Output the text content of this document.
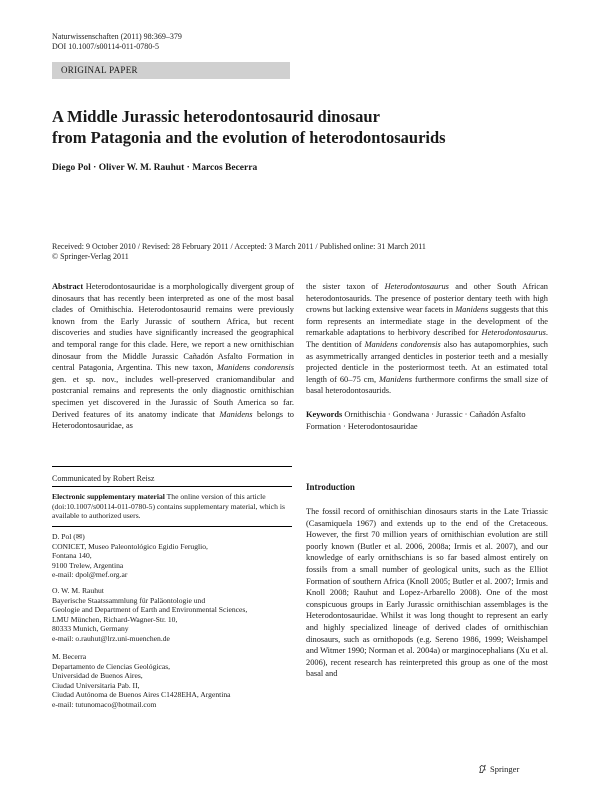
Naturwissenschaften (2011) 98:369–379
DOI 10.1007/s00114-011-0780-5
ORIGINAL PAPER
A Middle Jurassic heterodontosaurid dinosaur
from Patagonia and the evolution of heterodontosaurids
Diego Pol · Oliver W. M. Rauhut · Marcos Becerra
Received: 9 October 2010 / Revised: 28 February 2011 / Accepted: 3 March 2011 / Published online: 31 March 2011
© Springer-Verlag 2011

Abstract Heterodontosauridae is a morphologically divergent group of dinosaurs that has recently been interpreted as one of the most basal clades of Ornithischia. Heterodontosaurid remains were previously known from the Early Jurassic of southern Africa, but recent discoveries and studies have significantly increased the geographical and temporal range for this clade. Here, we report a new ornithischian dinosaur from the Middle Jurassic Cañadón Asfalto Formation in central Patagonia, Argentina. This new taxon, Manidens condorensis gen. et sp. nov., includes well-preserved craniomandibular and postcranial remains and represents the only diagnostic ornithischian specimen yet discovered in the Jurassic of South America so far. Derived features of its anatomy indicate that Manidens belongs to Heterodontosauridae, as

the sister taxon of Heterodontosaurus and other South African heterodontosaurids. The presence of posterior dentary teeth with high crowns but lacking extensive wear facets in Manidens suggests that this form represents an intermediate stage in the development of the remarkable adaptations to herbivory described for Heterodontosaurus. The dentition of Manidens condorensis also has autapomorphies, such as asymmetrically arranged denticles in posterior teeth and a mesially projected denticle in the posteriormost teeth. At an estimated total length of 60–75 cm, Manidens furthermore confirms the small size of basal heterodontosaurids.

Keywords Ornithischia · Gondwana · Jurassic · Cañadón Asfalto Formation · Heterodontosauridae

Communicated by Robert Reisz
Electronic supplementary material The online version of this article (doi:10.1007/s00114-011-0780-5) contains supplementary material, which is available to authorized users.
D. Pol (✉)
CONICET, Museo Paleontológico Egidio Feruglio,
Fontana 140,
9100 Trelew, Argentina
e-mail: dpol@mef.org.ar
O. W. M. Rauhut
Bayerische Staatssammlung für Paläontologie und
Geologie and Department of Earth and Environmental Sciences,
LMU München, Richard-Wagner-Str. 10,
80333 Munich, Germany
e-mail: o.rauhut@lrz.uni-muenchen.de
M. Becerra
Departamento de Ciencias Geológicas,
Universidad de Buenos Aires,
Ciudad Universitaria Pab. II,
Ciudad Autónoma de Buenos Aires C1428EHA, Argentina
e-mail: tutunomaco@hotmail.com
Introduction

The fossil record of ornithischian dinosaurs starts in the Late Triassic (Casamiquela 1967) and extends up to the end of the Cretaceous. However, the first 70 million years of ornithischian evolution are still poorly known (Butler et al. 2006, 2008a; Irmis et al. 2007), and our knowledge of early ornithschians is so far based almost entirely on fossils from a small number of geological units, such as the Elliot Formation of southern Africa (Knoll 2005; Butler et al. 2007; Irmis and Knoll 2008; Rauhut and Lopez-Arbarello 2008). One of the most conspicuous groups in Early Jurassic ornithischian assemblages is the Heterodontosauridae. Whilst it was long thought to represent an early and highly specialized lineage of derived clades of ornithischian dinosaurs, such as ornithopods (e.g. Sereno 1986, 1999; Weishampel and Witmer 1990; Norman et al. 2004a) or marginocephalians (Xu et al. 2006), recent research has reinterpreted this group as one of the most basal and

Springer
